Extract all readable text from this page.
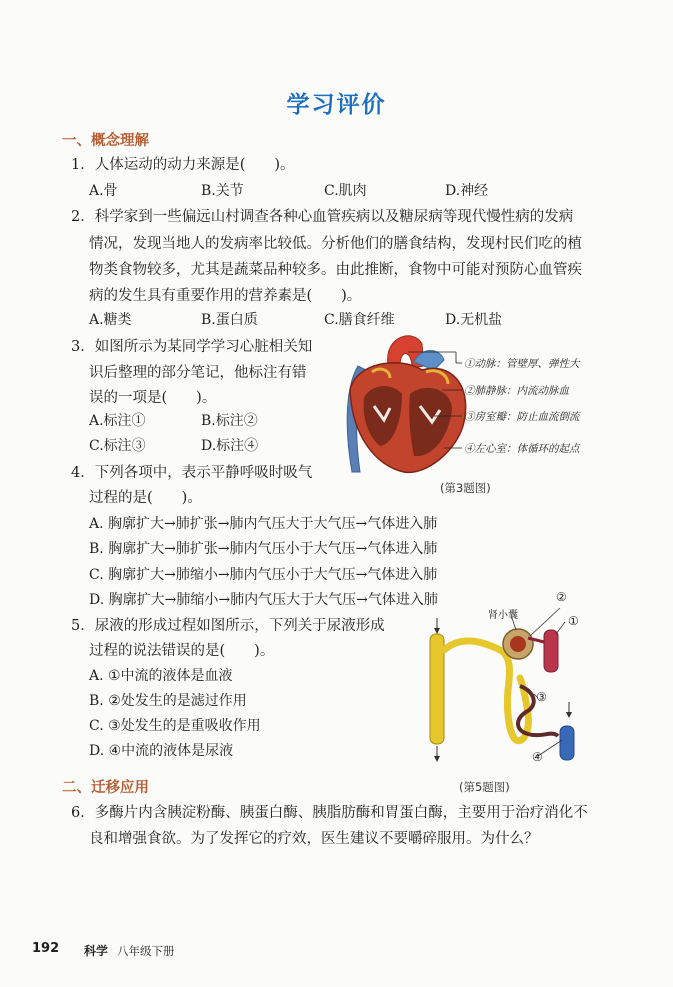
学习评价
一、概念理解
1．人体运动的动力来源是(　　)。
A.骨	B.关节	C.肌肉	D.神经
2．科学家到一些偏远山村调查各种心血管疾病以及糖尿病等现代慢性病的发病
情况，发现当地人的发病率比较低。分析他们的膳食结构，发现村民们吃的植
物类食物较多，尤其是蔬菜品种较多。由此推断，食物中可能对预防心血管疾
病的发生具有重要作用的营养素是(　　)。
A.糖类	B.蛋白质	C.膳食纤维	D.无机盐
3．如图所示为某同学学习心脏相关知
识后整理的部分笔记，他标注有错
误的一项是(　　)。
A.标注①	B.标注②
C.标注③	D.标注④
①动脉：管壁厚、弹性大
②肺静脉：内流动脉血
③房室瓣：防止血流倒流
④左心室：体循环的起点
(第3题图)
4．下列各项中，表示平静呼吸时吸气
过程的是(　　)。
A. 胸廓扩大→肺扩张→肺内气压大于大气压→气体进入肺
B. 胸廓扩大→肺扩张→肺内气压小于大气压→气体进入肺
C. 胸廓扩大→肺缩小→肺内气压小于大气压→气体进入肺
D. 胸廓扩大→肺缩小→肺内气压大于大气压→气体进入肺
5．尿液的形成过程如图所示，下列关于尿液形成
过程的说法错误的是(　　)。
A. ①中流的液体是血液
B. ②处发生的是滤过作用
C. ③处发生的是重吸收作用
D. ④中流的液体是尿液
肾小囊
②
①
③
④
(第5题图)
二、迁移应用
6．多酶片内含胰淀粉酶、胰蛋白酶、胰脂肪酶和胃蛋白酶，主要用于治疗消化不
良和增强食欲。为了发挥它的疗效，医生建议不要嚼碎服用。为什么？
192 科学 八年级下册
